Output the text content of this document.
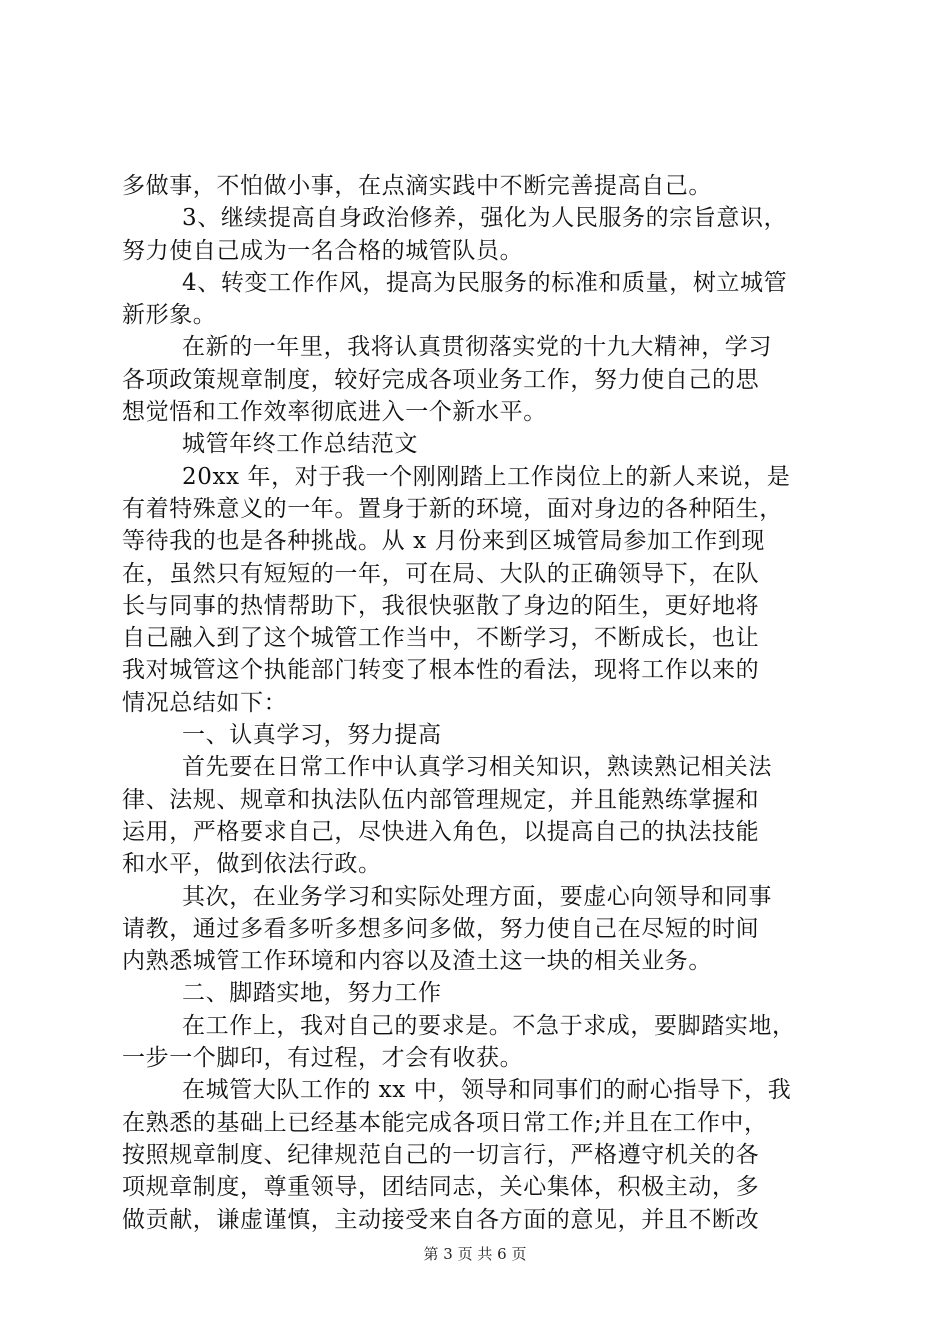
多做事，不怕做小事，在点滴实践中不断完善提高自己。
3、继续提高自身政治修养，强化为人民服务的宗旨意识，
努力使自己成为一名合格的城管队员。
4、转变工作作风，提高为民服务的标准和质量，树立城管
新形象。
在新的一年里，我将认真贯彻落实党的十九大精神，学习
各项政策规章制度，较好完成各项业务工作，努力使自己的思
想觉悟和工作效率彻底进入一个新水平。
城管年终工作总结范文
20xx 年，对于我一个刚刚踏上工作岗位上的新人来说，是
有着特殊意义的一年。置身于新的环境，面对身边的各种陌生，
等待我的也是各种挑战。从 x 月份来到区城管局参加工作到现
在，虽然只有短短的一年，可在局、大队的正确领导下，在队
长与同事的热情帮助下，我很快驱散了身边的陌生，更好地将
自己融入到了这个城管工作当中，不断学习，不断成长，也让
我对城管这个执能部门转变了根本性的看法，现将工作以来的
情况总结如下：
一、认真学习，努力提高
首先要在日常工作中认真学习相关知识，熟读熟记相关法
律、法规、规章和执法队伍内部管理规定，并且能熟练掌握和
运用，严格要求自己，尽快进入角色，以提高自己的执法技能
和水平，做到依法行政。
其次，在业务学习和实际处理方面，要虚心向领导和同事
请教，通过多看多听多想多问多做，努力使自己在尽短的时间
内熟悉城管工作环境和内容以及渣土这一块的相关业务。
二、脚踏实地，努力工作
在工作上，我对自己的要求是。不急于求成，要脚踏实地，
一步一个脚印，有过程，才会有收获。
在城管大队工作的 xx 中，领导和同事们的耐心指导下，我
在熟悉的基础上已经基本能完成各项日常工作;并且在工作中，
按照规章制度、纪律规范自己的一切言行，严格遵守机关的各
项规章制度，尊重领导，团结同志，关心集体，积极主动，多
做贡献，谦虚谨慎，主动接受来自各方面的意见，并且不断改
第 3 页 共 6 页
